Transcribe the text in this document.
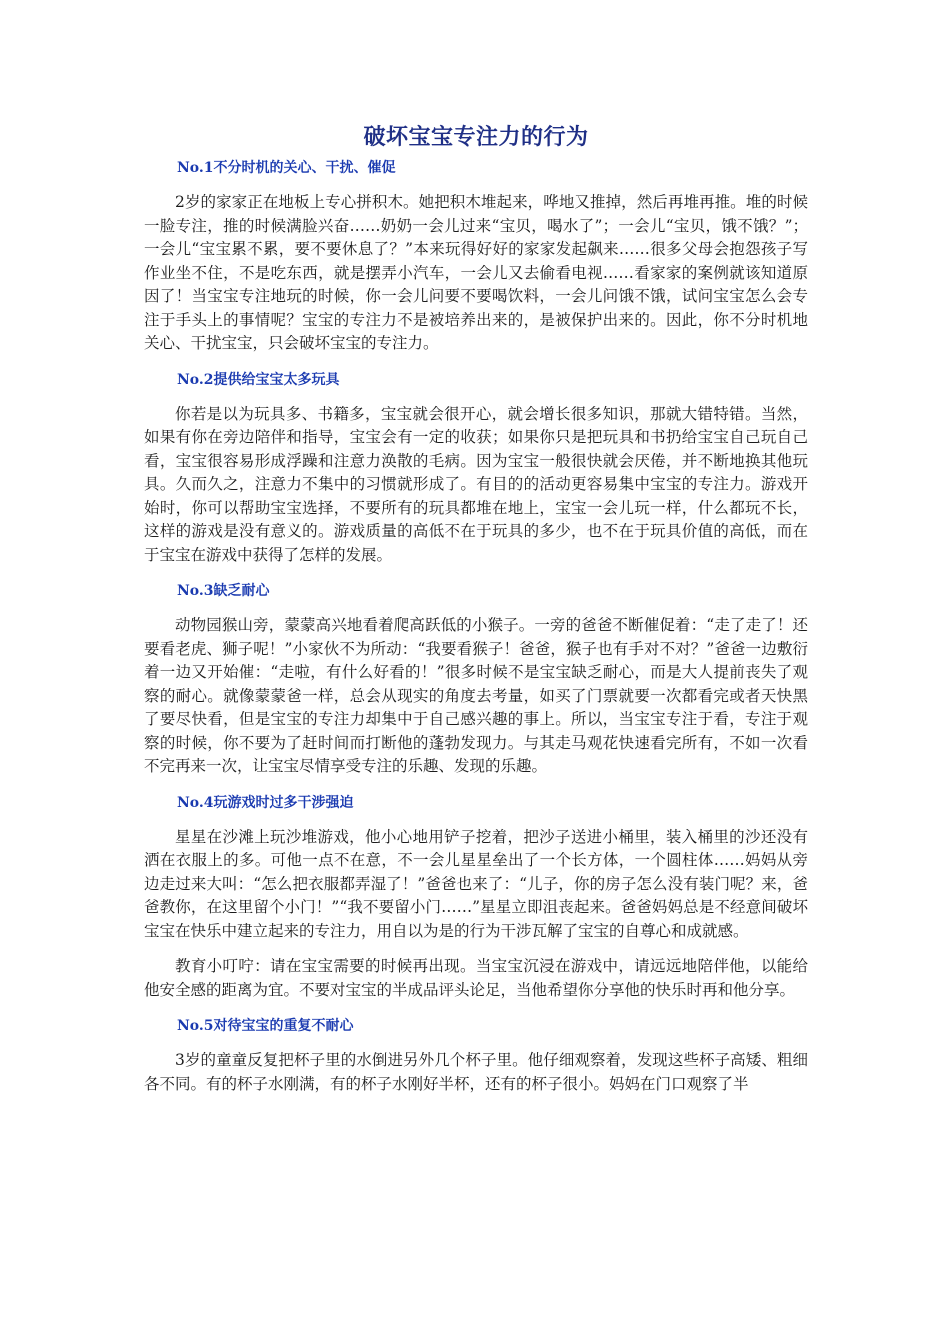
破坏宝宝专注力的行为

No.1不分时机的关心、干扰、催促

2岁的家家正在地板上专心拼积木。她把积木堆起来，哗地又推掉，然后再堆再推。堆的时候一脸专注，推的时候满脸兴奋……奶奶一会儿过来“宝贝，喝水了”；一会儿“宝贝，饿不饿？”；一会儿“宝宝累不累，要不要休息了？”本来玩得好好的家家发起飙来……很多父母会抱怨孩子写作业坐不住，不是吃东西，就是摆弄小汽车，一会儿又去偷看电视……看家家的案例就该知道原因了！当宝宝专注地玩的时候，你一会儿问要不要喝饮料，一会儿问饿不饿，试问宝宝怎么会专注于手头上的事情呢？宝宝的专注力不是被培养出来的，是被保护出来的。因此，你不分时机地关心、干扰宝宝，只会破坏宝宝的专注力。

No.2提供给宝宝太多玩具

你若是以为玩具多、书籍多，宝宝就会很开心，就会增长很多知识，那就大错特错。当然，如果有你在旁边陪伴和指导，宝宝会有一定的收获；如果你只是把玩具和书扔给宝宝自己玩自己看，宝宝很容易形成浮躁和注意力涣散的毛病。因为宝宝一般很快就会厌倦，并不断地换其他玩具。久而久之，注意力不集中的习惯就形成了。有目的的活动更容易集中宝宝的专注力。游戏开始时，你可以帮助宝宝选择，不要所有的玩具都堆在地上，宝宝一会儿玩一样，什么都玩不长，这样的游戏是没有意义的。游戏质量的高低不在于玩具的多少，也不在于玩具价值的高低，而在于宝宝在游戏中获得了怎样的发展。

No.3缺乏耐心

动物园猴山旁，蒙蒙高兴地看着爬高跃低的小猴子。一旁的爸爸不断催促着：“走了走了！还要看老虎、狮子呢！”小家伙不为所动：“我要看猴子！爸爸，猴子也有手对不对？”爸爸一边敷衍着一边又开始催：“走啦，有什么好看的！”很多时候不是宝宝缺乏耐心，而是大人提前丧失了观察的耐心。就像蒙蒙爸一样，总会从现实的角度去考量，如买了门票就要一次都看完或者天快黑了要尽快看，但是宝宝的专注力却集中于自己感兴趣的事上。所以，当宝宝专注于看，专注于观察的时候，你不要为了赶时间而打断他的蓬勃发现力。与其走马观花快速看完所有，不如一次看不完再来一次，让宝宝尽情享受专注的乐趣、发现的乐趣。

No.4玩游戏时过多干涉强迫

星星在沙滩上玩沙堆游戏，他小心地用铲子挖着，把沙子送进小桶里，装入桶里的沙还没有洒在衣服上的多。可他一点不在意，不一会儿星星垒出了一个长方体，一个圆柱体……妈妈从旁边走过来大叫：“怎么把衣服都弄湿了！”爸爸也来了：“儿子，你的房子怎么没有装门呢？来，爸爸教你，在这里留个小门！”“我不要留小门……”星星立即沮丧起来。爸爸妈妈总是不经意间破坏宝宝在快乐中建立起来的专注力，用自以为是的行为干涉瓦解了宝宝的自尊心和成就感。

教育小叮咛：请在宝宝需要的时候再出现。当宝宝沉浸在游戏中，请远远地陪伴他，以能给他安全感的距离为宜。不要对宝宝的半成品评头论足，当他希望你分享他的快乐时再和他分享。

No.5对待宝宝的重复不耐心

3岁的童童反复把杯子里的水倒进另外几个杯子里。他仔细观察着，发现这些杯子高矮、粗细各不同。有的杯子水刚满，有的杯子水刚好半杯，还有的杯子很小。妈妈在门口观察了半
